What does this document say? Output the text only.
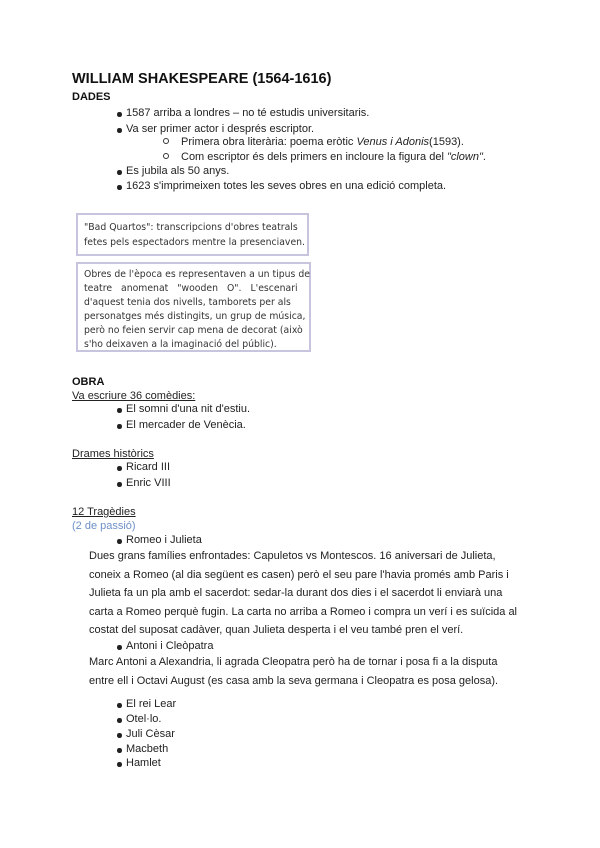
WILLIAM SHAKESPEARE (1564-1616)
DADES
1587 arriba a londres – no té estudis universitaris.
Va ser primer actor i després escriptor.
Primera obra literària: poema eròtic Venus i Adonis(1593).
Com escriptor és dels primers en incloure la figura del "clown".
Es jubila als 50 anys.
1623 s'imprimeixen totes les seves obres en una edició completa.
"Bad Quartos": transcripcions d'obres teatrals
fetes pels espectadors mentre la presenciaven.
Obres de l'època es representaven a un tipus de
teatre anomenat "wooden O". L'escenari
d'aquest tenia dos nivells, tamborets per als
personatges més distingits, un grup de música,
però no feien servir cap mena de decorat (això
s'ho deixaven a la imaginació del públic).
OBRA
Va escriure 36 comèdies:
El somni d'una nit d'estiu.
El mercader de Venècia.
Drames històrics
Ricard III
Enric VIII
12 Tragèdies
(2 de passió)
Romeo i Julieta
Dues grans famílies enfrontades: Capuletos vs Montescos. 16 aniversari de Julieta,
coneix a Romeo (al dia següent es casen) però el seu pare l'havia promés amb Paris i
Julieta fa un pla amb el sacerdot: sedar-la durant dos dies i el sacerdot li enviarà una
carta a Romeo perquè fugin. La carta no arriba a Romeo i compra un verí i es suïcida al
costat del suposat cadàver, quan Julieta desperta i el veu també pren el verí.
Antoni i Cleòpatra
Marc Antoni a Alexandria, li agrada Cleopatra però ha de tornar i posa fi a la disputa
entre ell i Octavi August (es casa amb la seva germana i Cleopatra es posa gelosa).
El rei Lear
Otel·lo.
Juli Cèsar
Macbeth
Hamlet
